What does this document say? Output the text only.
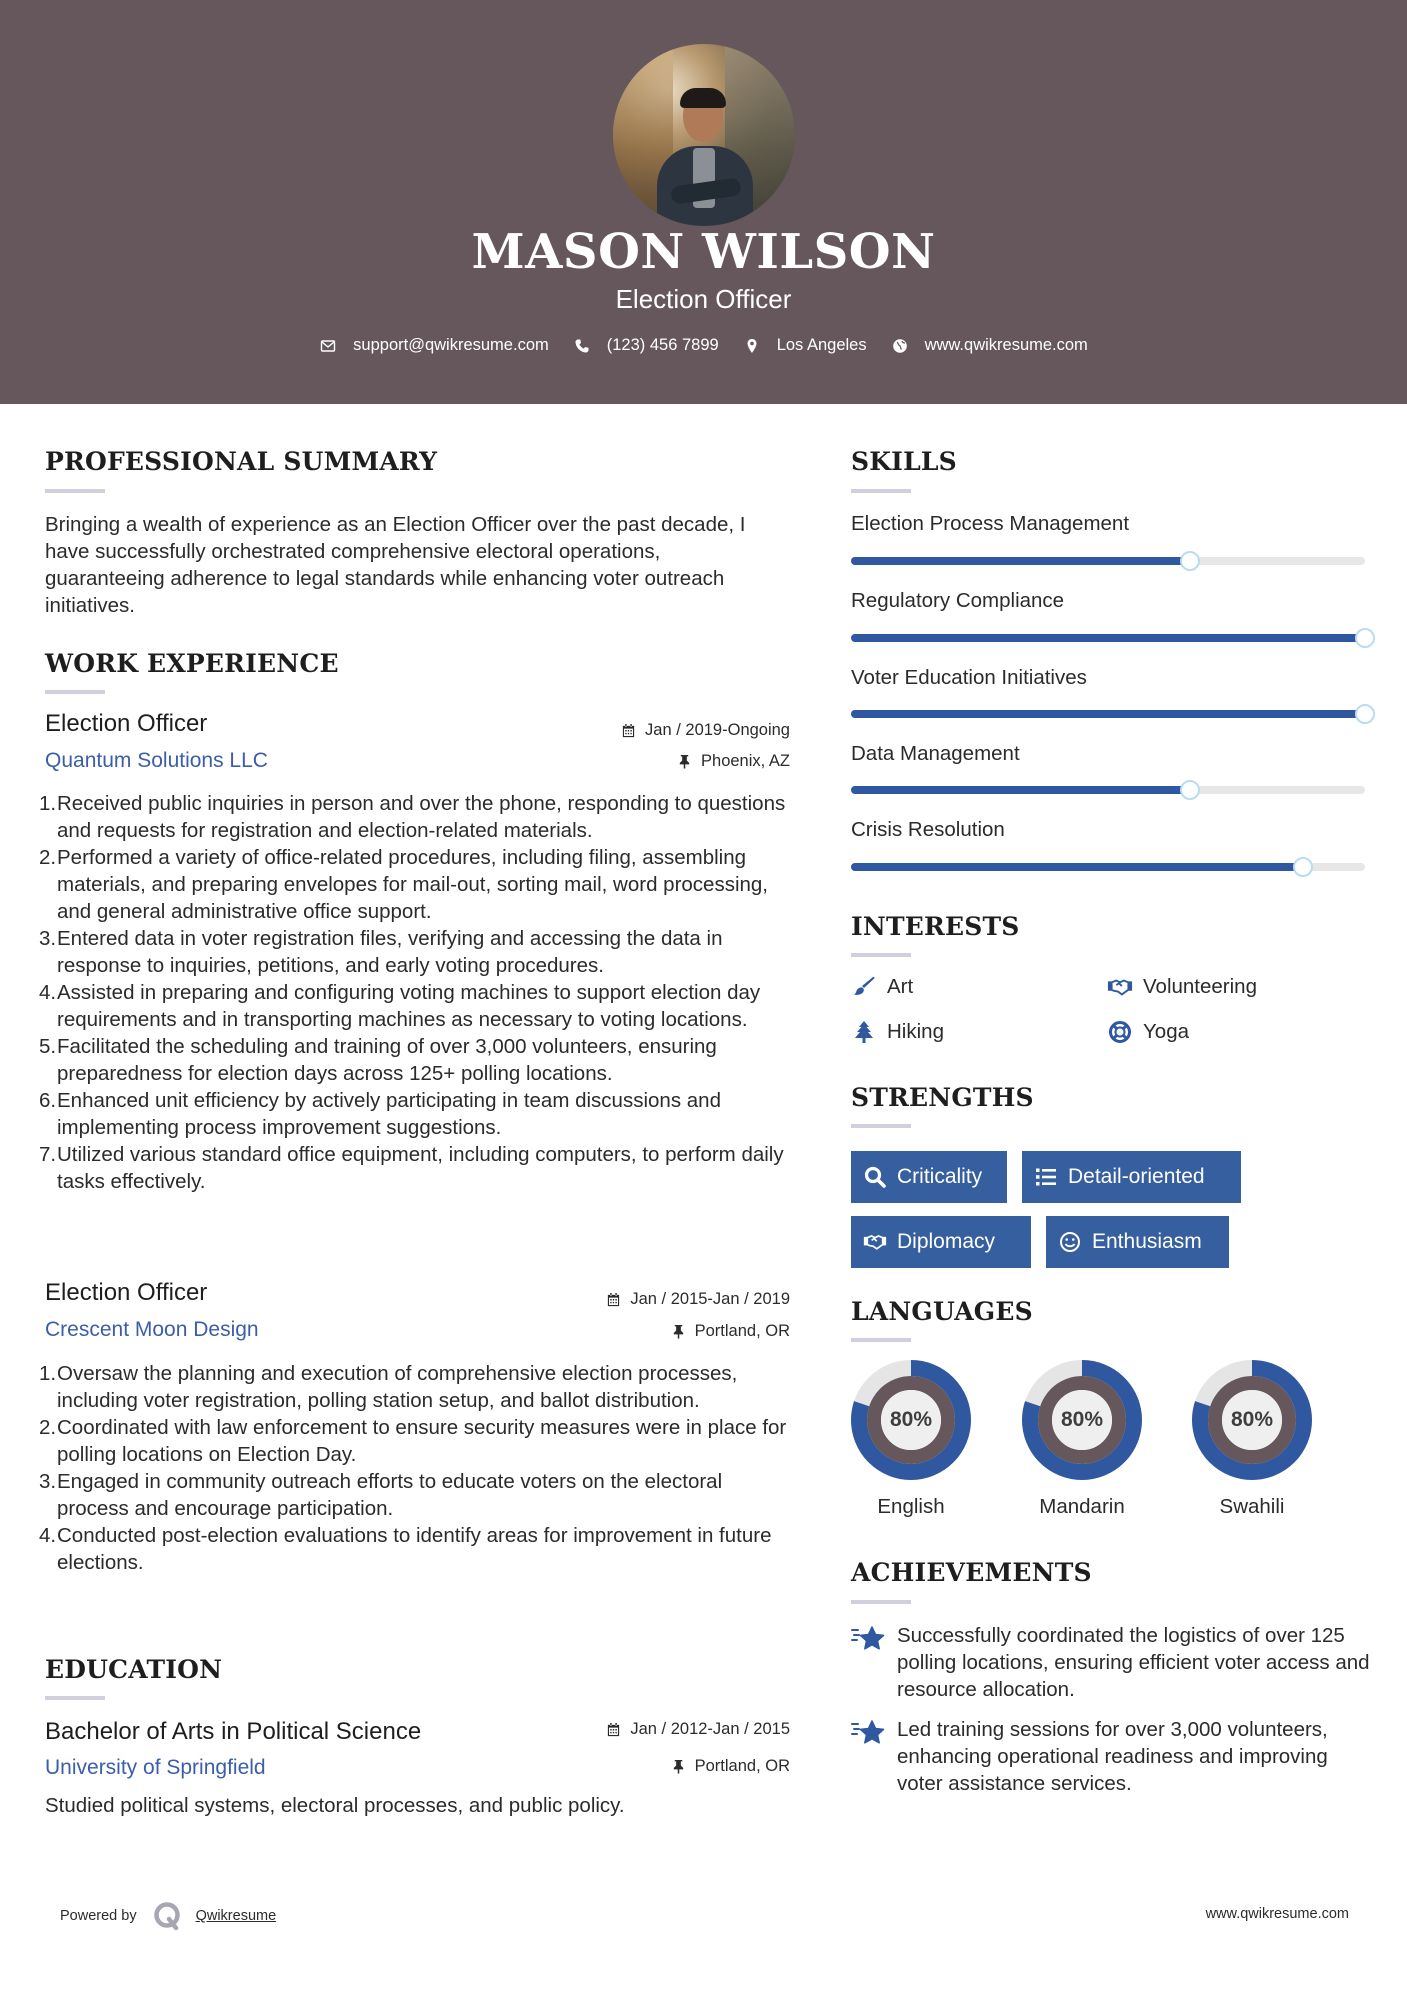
MASON WILSON
Election Officer
support@qwikresume.com	(123) 456 7899	Los Angeles	www.qwikresume.com
PROFESSIONAL SUMMARY
Bringing a wealth of experience as an Election Officer over the past decade, I have successfully orchestrated comprehensive electoral operations, guaranteeing adherence to legal standards while enhancing voter outreach initiatives.
WORK EXPERIENCE
Election Officer	Jan / 2019-Ongoing
Quantum Solutions LLC	Phoenix, AZ
1. Received public inquiries in person and over the phone, responding to questions and requests for registration and election-related materials.
2. Performed a variety of office-related procedures, including filing, assembling materials, and preparing envelopes for mail-out, sorting mail, word processing, and general administrative office support.
3. Entered data in voter registration files, verifying and accessing the data in response to inquiries, petitions, and early voting procedures.
4. Assisted in preparing and configuring voting machines to support election day requirements and in transporting machines as necessary to voting locations.
5. Facilitated the scheduling and training of over 3,000 volunteers, ensuring preparedness for election days across 125+ polling locations.
6. Enhanced unit efficiency by actively participating in team discussions and implementing process improvement suggestions.
7. Utilized various standard office equipment, including computers, to perform daily tasks effectively.
Election Officer	Jan / 2015-Jan / 2019
Crescent Moon Design	Portland, OR
1. Oversaw the planning and execution of comprehensive election processes, including voter registration, polling station setup, and ballot distribution.
2. Coordinated with law enforcement to ensure security measures were in place for polling locations on Election Day.
3. Engaged in community outreach efforts to educate voters on the electoral process and encourage participation.
4. Conducted post-election evaluations to identify areas for improvement in future elections.
EDUCATION
Bachelor of Arts in Political Science	Jan / 2012-Jan / 2015
University of Springfield	Portland, OR
Studied political systems, electoral processes, and public policy.
SKILLS
Election Process Management
Regulatory Compliance
Voter Education Initiatives
Data Management
Crisis Resolution
INTERESTS
Art	Volunteering
Hiking	Yoga
STRENGTHS
Criticality	Detail-oriented
Diplomacy	Enthusiasm
LANGUAGES
80%
English
80%
Mandarin
80%
Swahili
ACHIEVEMENTS
Successfully coordinated the logistics of over 125 polling locations, ensuring efficient voter access and resource allocation.
Led training sessions for over 3,000 volunteers, enhancing operational readiness and improving voter assistance services.
Powered by	Qwikresume	www.qwikresume.com
